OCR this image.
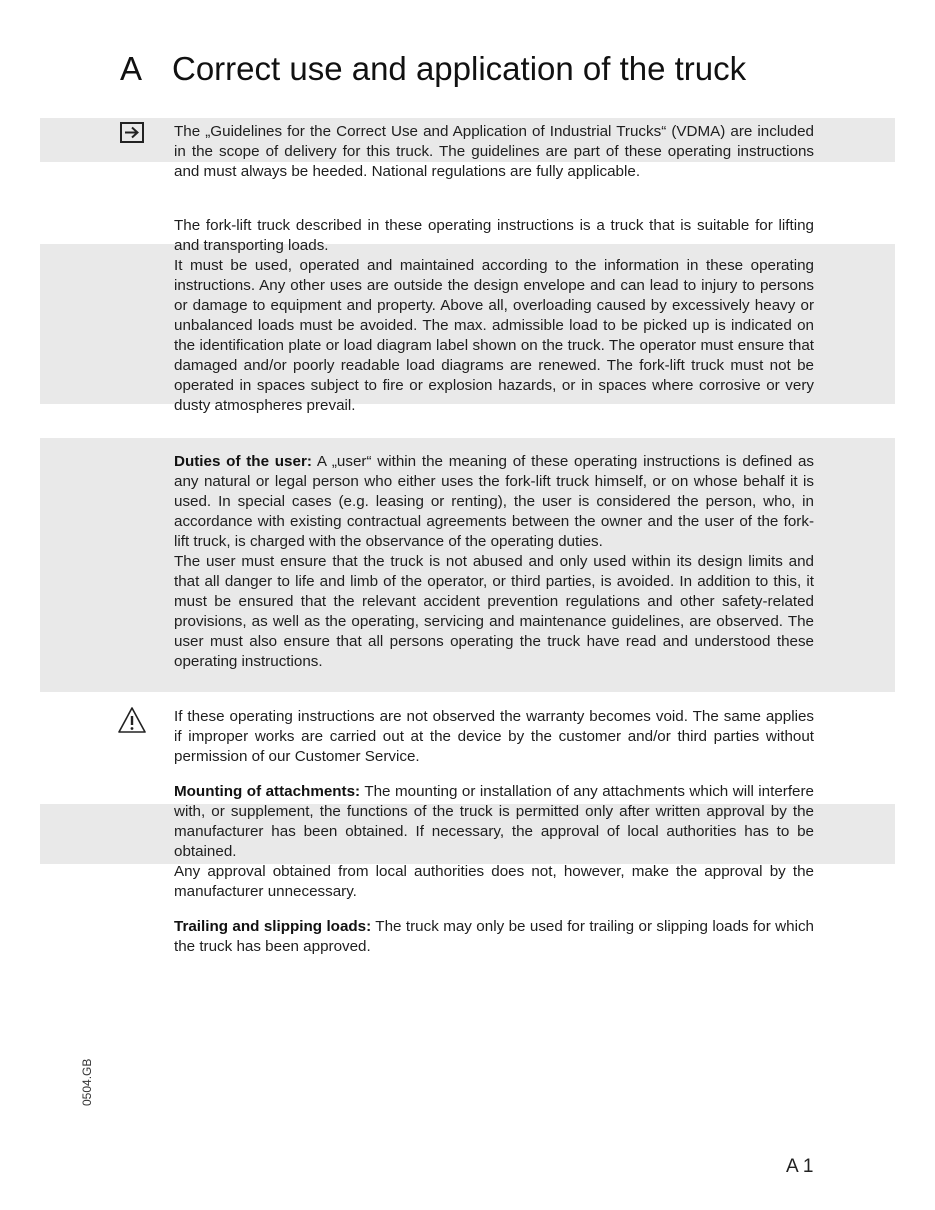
A Correct use and application of the truck

The „Guidelines for the Correct Use and Application of Industrial Trucks“ (VDMA) are included in the scope of delivery for this truck. The guidelines are part of these operating instructions and must always be heeded. National regulations are fully applicable.

The fork-lift truck described in these operating instructions is a truck that is suitable for lifting and transporting loads.
It must be used, operated and maintained according to the information in these operating instructions. Any other uses are outside the design envelope and can lead to injury to persons or damage to equipment and property. Above all, overloading caused by excessively heavy or unbalanced loads must be avoided. The max. admissible load to be picked up is indicated on the identification plate or load diagram label shown on the truck. The operator must ensure that damaged and/or poorly readable load diagrams are renewed. The fork-lift truck must not be operated in spaces subject to fire or explosion hazards, or in spaces where corrosive or very dusty atmospheres prevail.
Duties of the user: A „user“ within the meaning of these operating instructions is defined as any natural or legal person who either uses the fork-lift truck himself, or on whose behalf it is used. In special cases (e.g. leasing or renting), the user is considered the person, who, in accordance with existing contractual agreements between the owner and the user of the fork-lift truck, is charged with the observance of the operating duties.
The user must ensure that the truck is not abused and only used within its design limits and that all danger to life and limb of the operator, or third parties, is avoided. In addition to this, it must be ensured that the relevant accident prevention regulations and other safety-related provisions, as well as the operating, servicing and maintenance guidelines, are observed. The user must also ensure that all persons operating the truck have read and understood these operating instructions.

If these operating instructions are not observed the warranty becomes void. The same applies if improper works are carried out at the device by the customer and/or third parties without permission of our Customer Service.

Mounting of attachments: The mounting or installation of any attachments which will interfere with, or supplement, the functions of the truck is permitted only after written approval by the manufacturer has been obtained. If necessary, the approval of local authorities has to be obtained.
Any approval obtained from local authorities does not, however, make the approval by the manufacturer unnecessary.
Trailing and slipping loads: The truck may only be used for trailing or slipping loads for which the truck has been approved.
0504.GB
A 1
